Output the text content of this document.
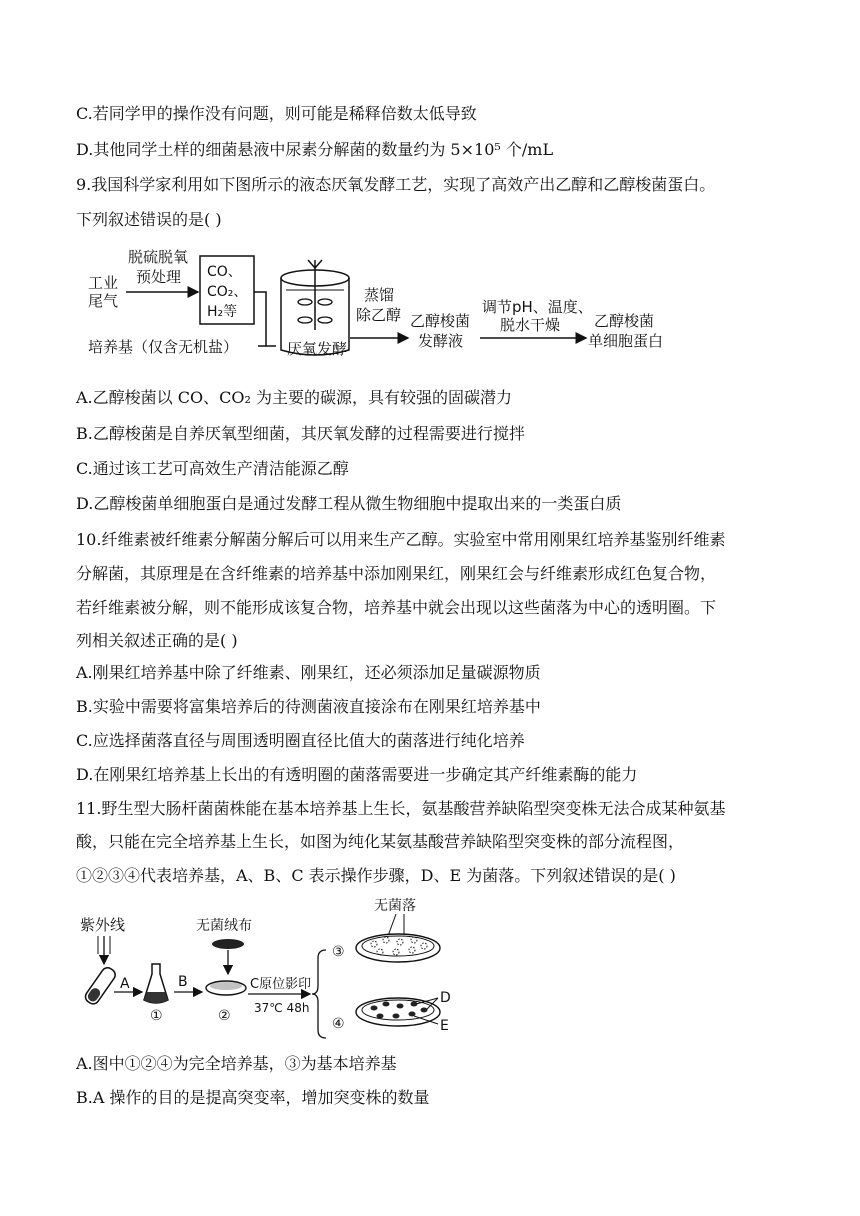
C.若同学甲的操作没有问题，则可能是稀释倍数太低导致
D.其他同学土样的细菌悬液中尿素分解菌的数量约为 5×10⁵ 个/mL
9.我国科学家利用如下图所示的液态厌氧发酵工艺，实现了高效产出乙醇和乙醇梭菌蛋白。
下列叙述错误的是( )
工业
尾气
脱硫脱氧
预处理 CO、
CO₂、
H₂等
培养基（仅含无机盐）	厌氧发酵
蒸馏
除乙醇 乙醇梭菌
发酵液
调节pH、温度、
脱水干燥 乙醇梭菌
单细胞蛋白
A.乙醇梭菌以 CO、CO₂ 为主要的碳源，具有较强的固碳潜力
B.乙醇梭菌是自养厌氧型细菌，其厌氧发酵的过程需要进行搅拌
C.通过该工艺可高效生产清洁能源乙醇
D.乙醇梭菌单细胞蛋白是通过发酵工程从微生物细胞中提取出来的一类蛋白质
10.纤维素被纤维素分解菌分解后可以用来生产乙醇。实验室中常用刚果红培养基鉴别纤维素
分解菌，其原理是在含纤维素的培养基中添加刚果红，刚果红会与纤维素形成红色复合物，
若纤维素被分解，则不能形成该复合物，培养基中就会出现以这些菌落为中心的透明圈。下
列相关叙述正确的是( )
A.刚果红培养基中除了纤维素、刚果红，还必须添加足量碳源物质
B.实验中需要将富集培养后的待测菌液直接涂布在刚果红培养基中
C.应选择菌落直径与周围透明圈直径比值大的菌落进行纯化培养
D.在刚果红培养基上长出的有透明圈的菌落需要进一步确定其产纤维素酶的能力
11.野生型大肠杆菌菌株能在基本培养基上生长，氨基酸营养缺陷型突变株无法合成某种氨基
酸，只能在完全培养基上生长，如图为纯化某氨基酸营养缺陷型突变株的部分流程图，
①②③④代表培养基，A、B、C 表示操作步骤，D、E 为菌落。下列叙述错误的是( )
紫外线
A
①
B
无菌绒布
②
C原位影印
37℃ 48h
无菌落
③
④
D
E
A.图中①②④为完全培养基，③为基本培养基
B.A 操作的目的是提高突变率，增加突变株的数量
